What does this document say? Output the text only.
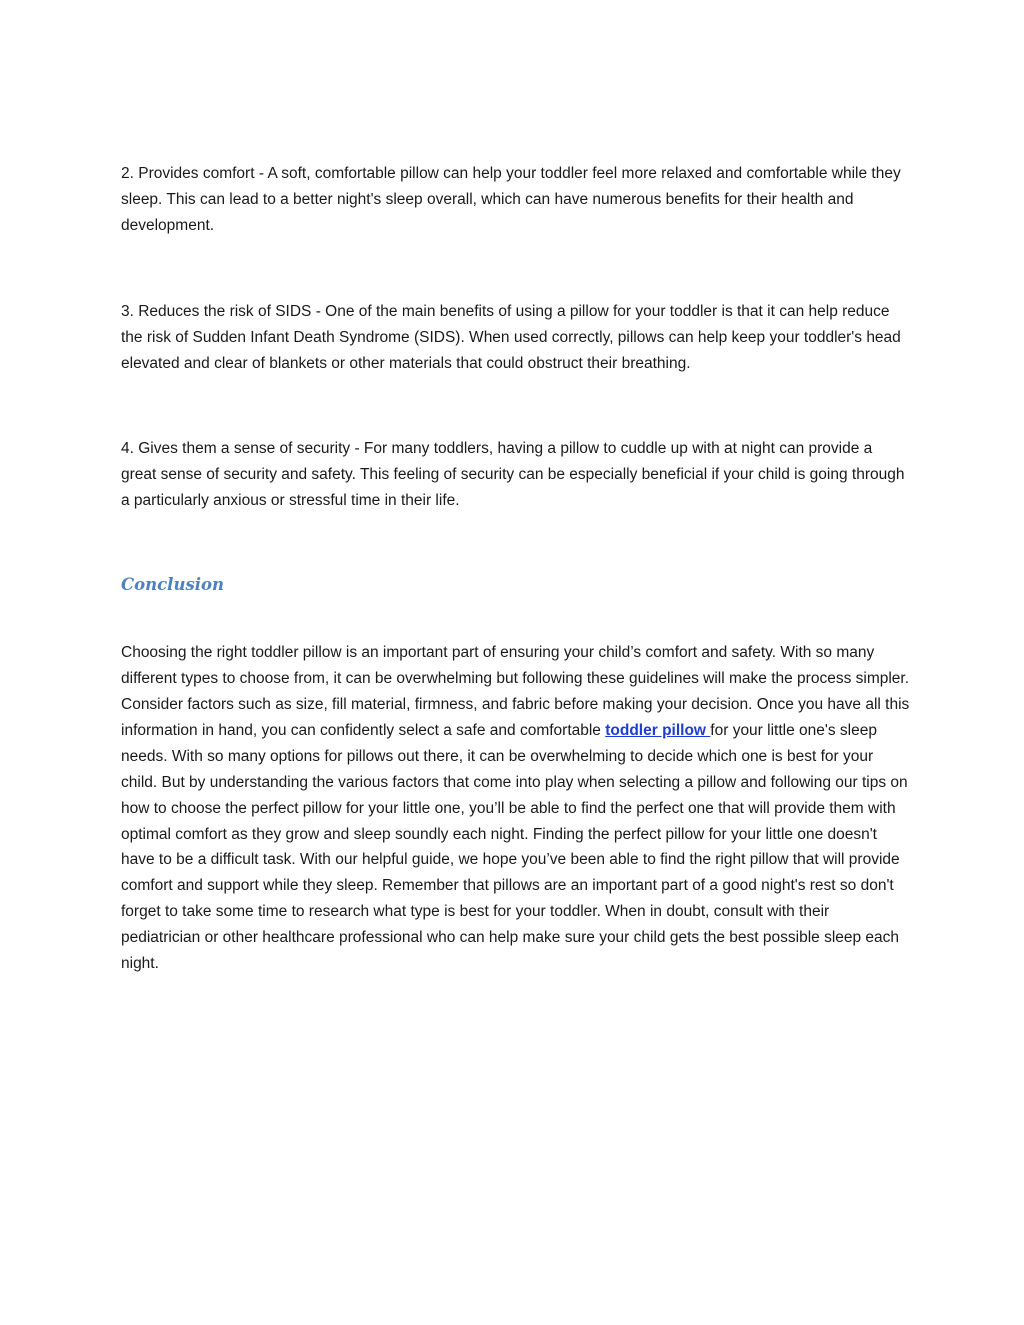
2. Provides comfort - A soft, comfortable pillow can help your toddler feel more relaxed and comfortable while they sleep. This can lead to a better night's sleep overall, which can have numerous benefits for their health and development.

3. Reduces the risk of SIDS - One of the main benefits of using a pillow for your toddler is that it can help reduce the risk of Sudden Infant Death Syndrome (SIDS). When used correctly, pillows can help keep your toddler's head elevated and clear of blankets or other materials that could obstruct their breathing.

4. Gives them a sense of security - For many toddlers, having a pillow to cuddle up with at night can provide a great sense of security and safety. This feeling of security can be especially beneficial if your child is going through a particularly anxious or stressful time in their life.

Conclusion

Choosing the right toddler pillow is an important part of ensuring your child’s comfort and safety. With so many different types to choose from, it can be overwhelming but following these guidelines will make the process simpler. Consider factors such as size, fill material, firmness, and fabric before making your decision. Once you have all this information in hand, you can confidently select a safe and comfortable toddler pillow for your little one's sleep needs. With so many options for pillows out there, it can be overwhelming to decide which one is best for your child. But by understanding the various factors that come into play when selecting a pillow and following our tips on how to choose the perfect pillow for your little one, you’ll be able to find the perfect one that will provide them with optimal comfort as they grow and sleep soundly each night. Finding the perfect pillow for your little one doesn't have to be a difficult task. With our helpful guide, we hope you’ve been able to find the right pillow that will provide comfort and support while they sleep. Remember that pillows are an important part of a good night's rest so don't forget to take some time to research what type is best for your toddler. When in doubt, consult with their pediatrician or other healthcare professional who can help make sure your child gets the best possible sleep each night.
